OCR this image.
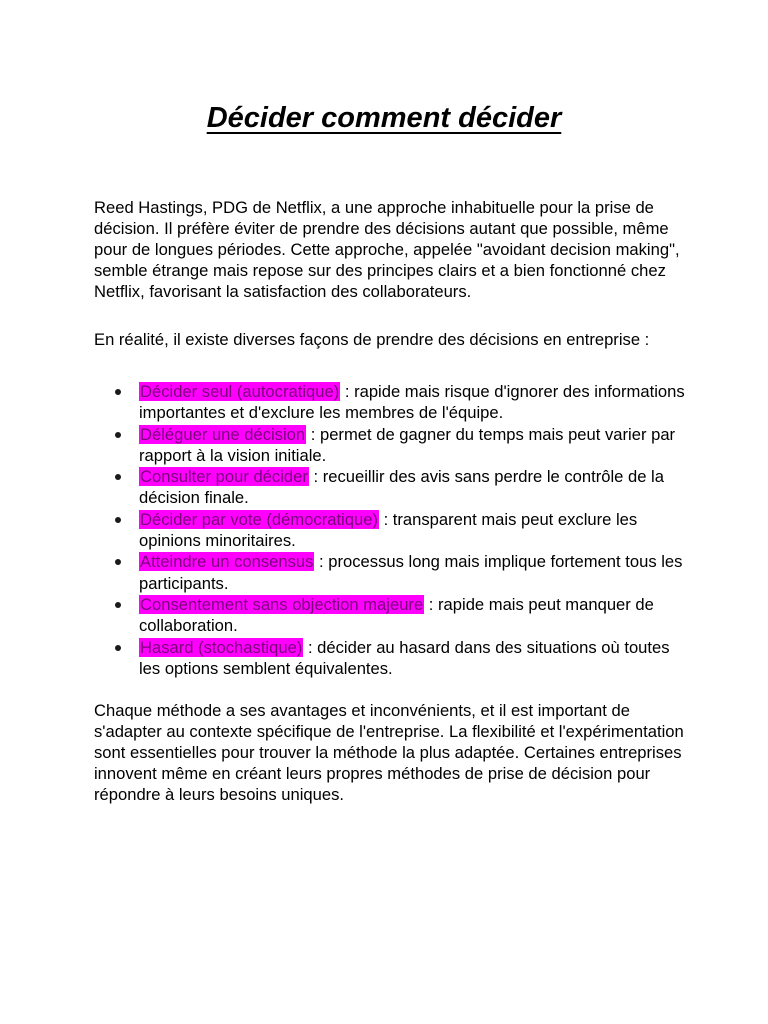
Décider comment décider

Reed Hastings, PDG de Netflix, a une approche inhabituelle pour la prise de décision. Il préfère éviter de prendre des décisions autant que possible, même pour de longues périodes. Cette approche, appelée "avoidant decision making", semble étrange mais repose sur des principes clairs et a bien fonctionné chez Netflix, favorisant la satisfaction des collaborateurs.

En réalité, il existe diverses façons de prendre des décisions en entreprise :

Décider seul (autocratique) : rapide mais risque d'ignorer des informations importantes et d'exclure les membres de l'équipe.
Déléguer une décision : permet de gagner du temps mais peut varier par rapport à la vision initiale.
Consulter pour décider : recueillir des avis sans perdre le contrôle de la décision finale.
Décider par vote (démocratique) : transparent mais peut exclure les opinions minoritaires.
Atteindre un consensus : processus long mais implique fortement tous les participants.
Consentement sans objection majeure : rapide mais peut manquer de collaboration.
Hasard (stochastique) : décider au hasard dans des situations où toutes les options semblent équivalentes.

Chaque méthode a ses avantages et inconvénients, et il est important de s'adapter au contexte spécifique de l'entreprise. La flexibilité et l'expérimentation sont essentielles pour trouver la méthode la plus adaptée. Certaines entreprises innovent même en créant leurs propres méthodes de prise de décision pour répondre à leurs besoins uniques.
